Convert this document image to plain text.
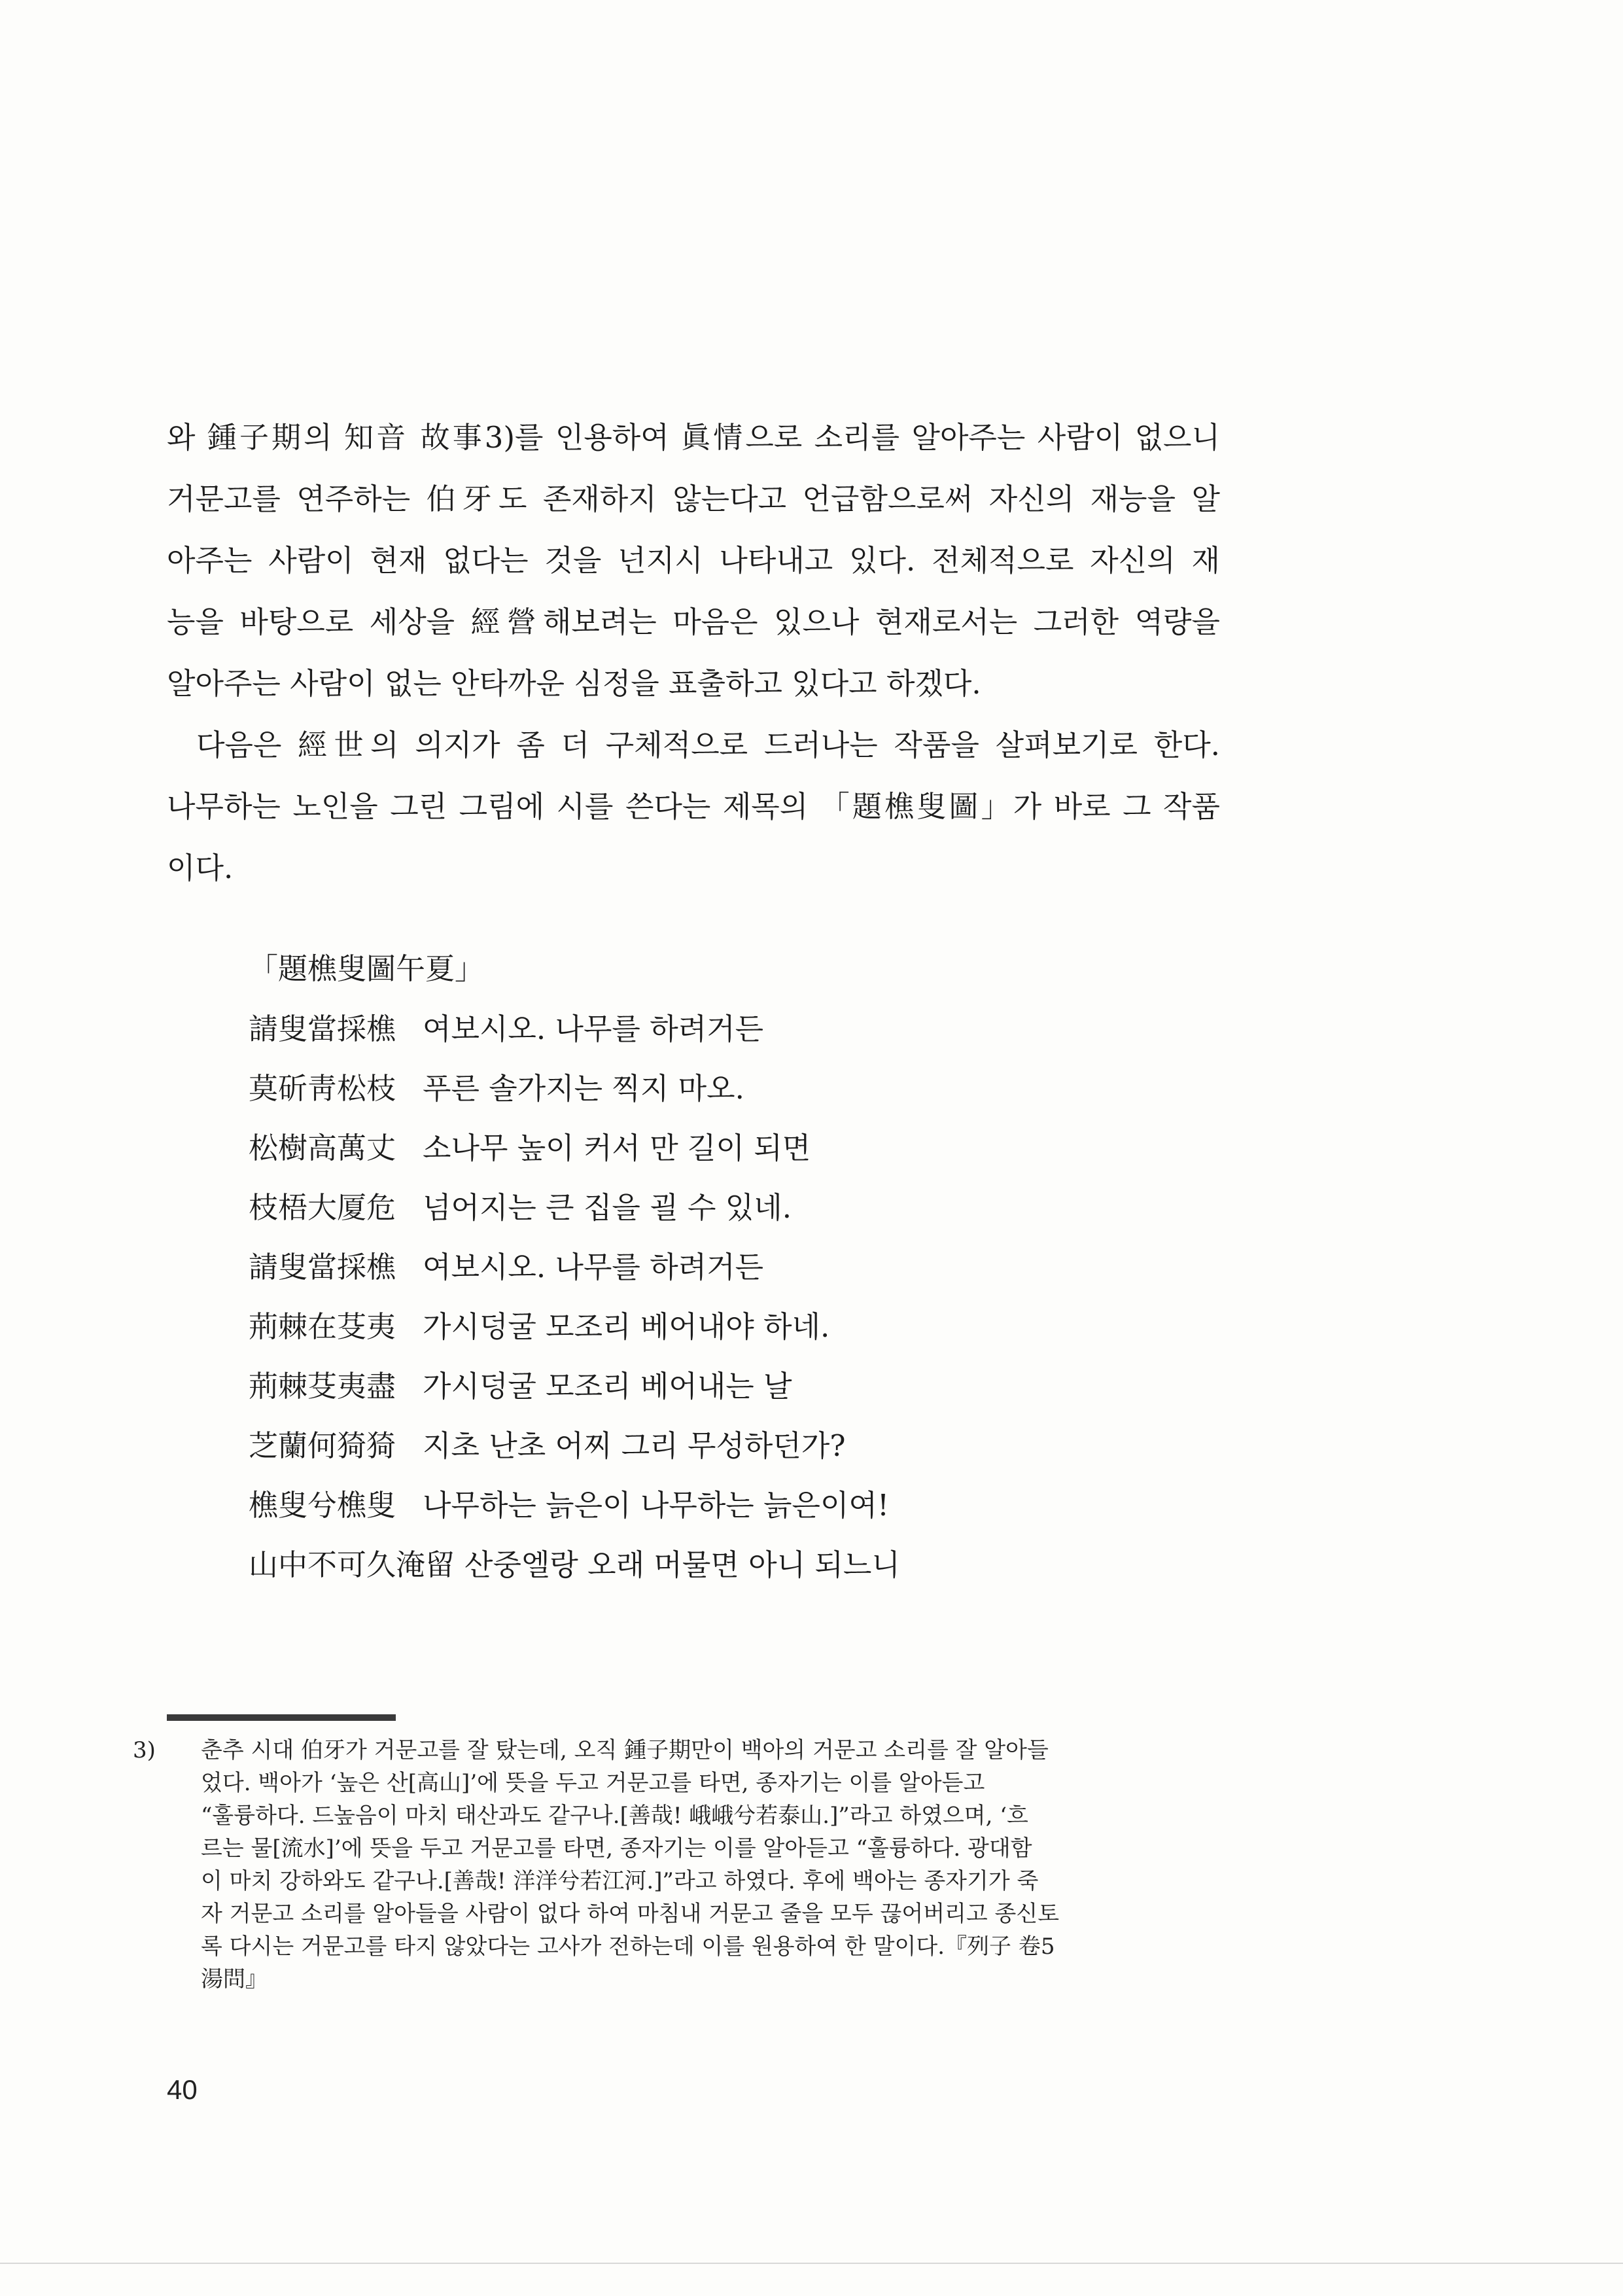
와 鍾子期의 知音 故事3)를 인용하여 眞情으로 소리를 알아주는 사람이 없으니

거문고를 연주하는 伯牙도 존재하지 않는다고 언급함으로써 자신의 재능을 알

아주는 사람이 현재 없다는 것을 넌지시 나타내고 있다. 전체적으로 자신의 재

능을 바탕으로 세상을 經營해보려는 마음은 있으나 현재로서는 그러한 역량을

알아주는 사람이 없는 안타까운 심정을 표출하고 있다고 하겠다.

다음은 經世의 의지가 좀 더 구체적으로 드러나는 작품을 살펴보기로 한다.

나무하는 노인을 그린 그림에 시를 쓴다는 제목의 「題樵叟圖」가 바로 그 작품

이다.

「題樵叟圖午夏」
請叟當採樵 여보시오. 나무를 하려거든
莫斫靑松枝 푸른 솔가지는 찍지 마오.
松樹高萬丈 소나무 높이 커서 만 길이 되면
枝梧大厦危 넘어지는 큰 집을 괼 수 있네.
請叟當採樵 여보시오. 나무를 하려거든
荊棘在芟夷 가시덩굴 모조리 베어내야 하네.
荊棘芟夷盡 가시덩굴 모조리 베어내는 날
芝蘭何猗猗 지초 난초 어찌 그리 무성하던가?
樵叟兮樵叟 나무하는 늙은이 나무하는 늙은이여!
山中不可久淹留 산중엘랑 오래 머물면 아니 되느니
3) 춘추 시대 伯牙가 거문고를 잘 탔는데, 오직 鍾子期만이 백아의 거문고 소리를 잘 알아들
었다. 백아가 ‘높은 산[高山]’에 뜻을 두고 거문고를 타면, 종자기는 이를 알아듣고
“훌륭하다. 드높음이 마치 태산과도 같구나.[善哉! 峨峨兮若泰山.]”라고 하였으며, ‘흐
르는 물[流水]’에 뜻을 두고 거문고를 타면, 종자기는 이를 알아듣고 “훌륭하다. 광대함
이 마치 강하와도 같구나.[善哉! 洋洋兮若江河.]”라고 하였다. 후에 백아는 종자기가 죽
자 거문고 소리를 알아들을 사람이 없다 하여 마침내 거문고 줄을 모두 끊어버리고 종신토
록 다시는 거문고를 타지 않았다는 고사가 전하는데 이를 원용하여 한 말이다.『列子 卷5
湯問』
40
